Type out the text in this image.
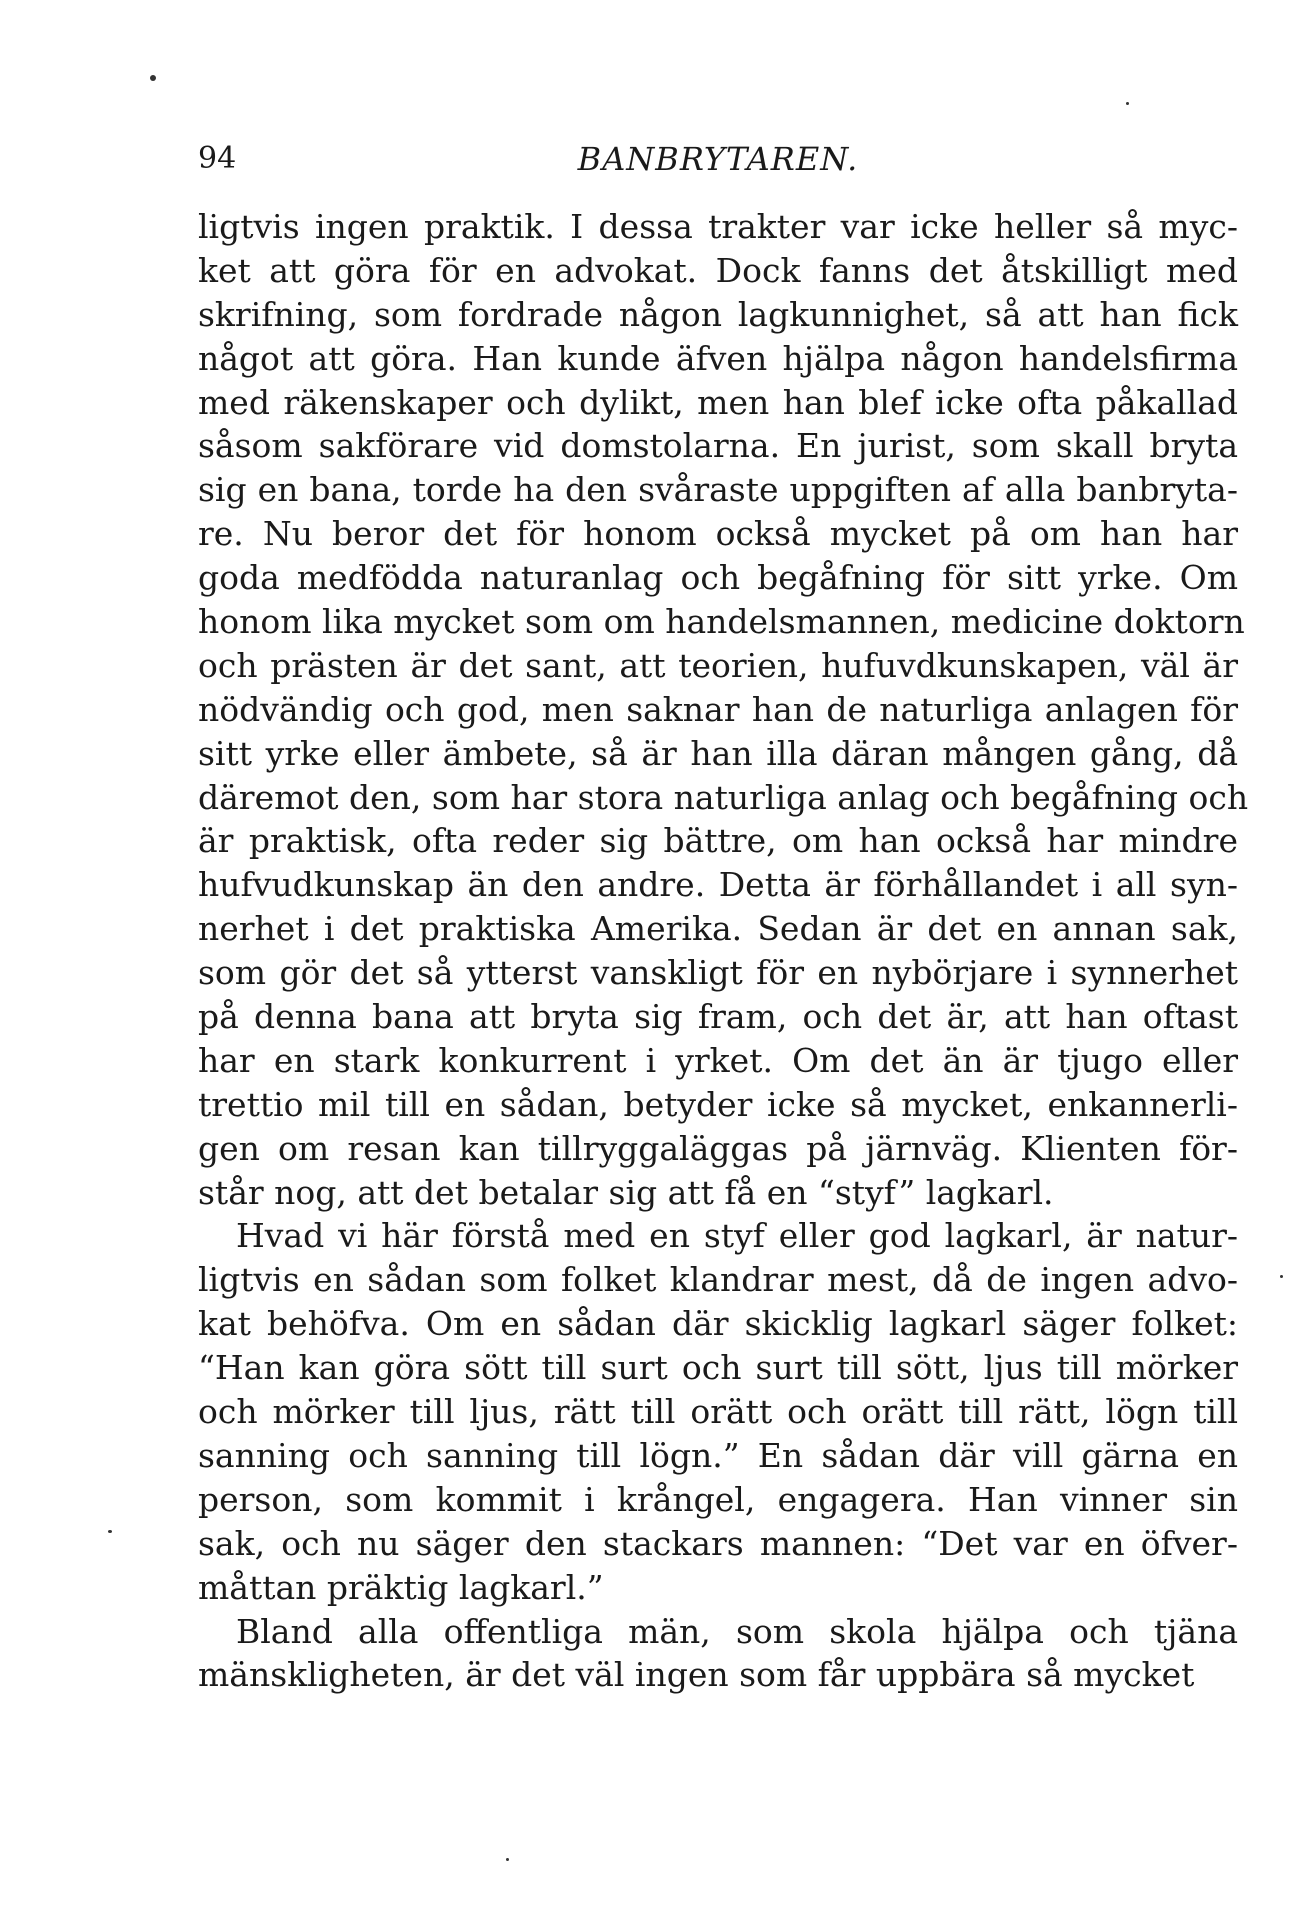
94	BANBRYTAREN.
ligtvis ingen praktik. I dessa trakter var icke heller så myc-
ket att göra för en advokat. Dock fanns det åtskilligt med
skrifning, som fordrade någon lagkunnighet, så att han fick
något att göra. Han kunde äfven hjälpa någon handelsfirma
med räkenskaper och dylikt, men han blef icke ofta påkallad
såsom sakförare vid domstolarna. En jurist, som skall bryta
sig en bana, torde ha den svåraste uppgiften af alla banbryta-
re. Nu beror det för honom också mycket på om han har
goda medfödda naturanlag och begåfning för sitt yrke. Om
honom lika mycket som om handelsmannen, medicine doktorn
och prästen är det sant, att teorien, hufuvdkunskapen, väl är
nödvändig och god, men saknar han de naturliga anlagen för
sitt yrke eller ämbete, så är han illa däran mången gång, då
däremot den, som har stora naturliga anlag och begåfning och
är praktisk, ofta reder sig bättre, om han också har mindre
hufvudkunskap än den andre. Detta är förhållandet i all syn-
nerhet i det praktiska Amerika. Sedan är det en annan sak,
som gör det så ytterst vanskligt för en nybörjare i synnerhet
på denna bana att bryta sig fram, och det är, att han oftast
har en stark konkurrent i yrket. Om det än är tjugo eller
trettio mil till en sådan, betyder icke så mycket, enkannerli-
gen om resan kan tillryggaläggas på järnväg. Klienten för-
står nog, att det betalar sig att få en “styf” lagkarl.
Hvad vi här förstå med en styf eller god lagkarl, är natur-
ligtvis en sådan som folket klandrar mest, då de ingen advo-
kat behöfva. Om en sådan där skicklig lagkarl säger folket:
“Han kan göra sött till surt och surt till sött, ljus till mörker
och mörker till ljus, rätt till orätt och orätt till rätt, lögn till
sanning och sanning till lögn.” En sådan där vill gärna en
person, som kommit i krångel, engagera. Han vinner sin
sak, och nu säger den stackars mannen: “Det var en öfver-
måttan präktig lagkarl.”
Bland alla offentliga män, som skola hjälpa och tjäna
mänskligheten, är det väl ingen som får uppbära så mycket
